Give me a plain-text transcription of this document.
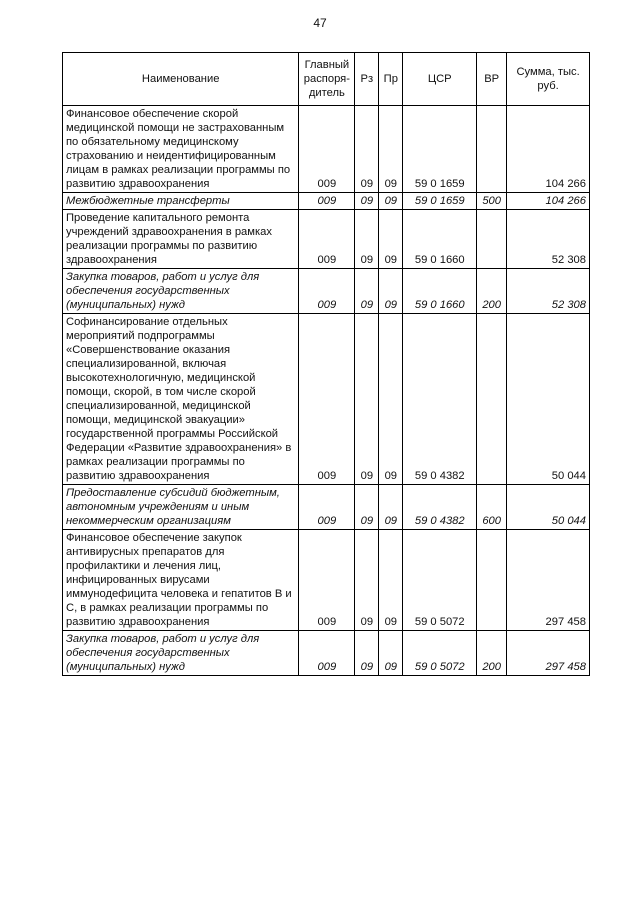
47
Наименование	Главный распоря-дитель	Рз	Пр	ЦСР	ВР	Сумма, тыс. руб.
Финансовое обеспечение скорой медицинской помощи не застрахованным по обязательному медицинскому страхованию и неидентифицированным лицам в рамках реализации программы по развитию здравоохранения	009	09	09	59 0 1659		104 266
Межбюджетные трансферты	009	09	09	59 0 1659	500	104 266
Проведение капитального ремонта учреждений здравоохранения в рамках реализации программы по развитию здравоохранения	009	09	09	59 0 1660		52 308
Закупка товаров, работ и услуг для обеспечения государственных (муниципальных) нужд	009	09	09	59 0 1660	200	52 308
Софинансирование отдельных мероприятий подпрограммы «Совершенствование оказания специализированной, включая высокотехнологичную, медицинской помощи, скорой, в том числе скорой специализированной, медицинской помощи, медицинской эвакуации» государственной программы Российской Федерации «Развитие здравоохранения» в рамках реализации программы по развитию здравоохранения	009	09	09	59 0 4382		50 044
Предоставление субсидий бюджетным, автономным учреждениям и иным некоммерческим организациям	009	09	09	59 0 4382	600	50 044
Финансовое обеспечение закупок антивирусных препаратов для профилактики и лечения лиц, инфицированных вирусами иммунодефицита человека и гепатитов В и С, в рамках реализации программы по развитию здравоохранения	009	09	09	59 0 5072		297 458
Закупка товаров, работ и услуг для обеспечения государственных (муниципальных) нужд	009	09	09	59 0 5072	200	297 458
